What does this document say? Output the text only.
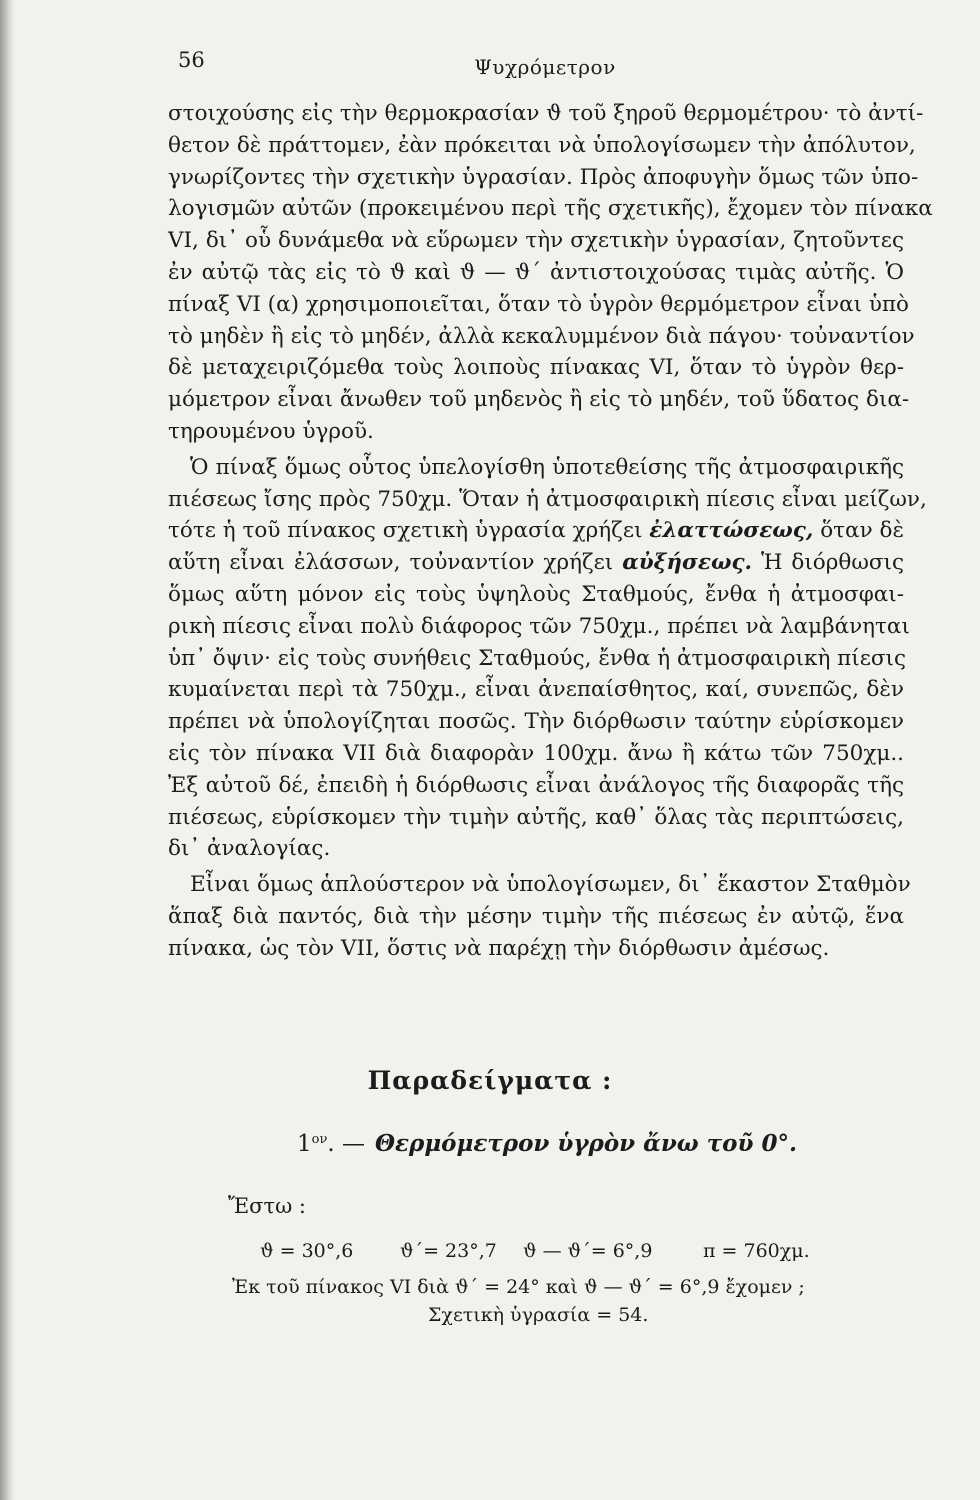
56	Ψυχρόμετρον
στοιχούσης εἰς τὴν θερμοκρασίαν ϑ τοῦ ξηροῦ θερμομέτρου· τὸ ἀντί-
θετον δὲ πράττομεν, ἐὰν πρόκειται νὰ ὑπολογίσωμεν τὴν ἀπόλυτον,
γνωρίζοντες τὴν σχετικὴν ὑγρασίαν. Πρὸς ἀποφυγὴν ὅμως τῶν ὑπο-
λογισμῶν αὐτῶν (προκειμένου περὶ τῆς σχετικῆς), ἔχομεν τὸν πίνακα
VI, δι᾽ οὗ δυνάμεθα νὰ εὕρωμεν τὴν σχετικὴν ὑγρασίαν, ζητοῦντες
ἐν αὐτῷ τὰς εἰς τὸ ϑ καὶ ϑ — ϑ΄ ἀντιστοιχούσας τιμὰς αὐτῆς. Ὁ
πίναξ VI (α) χρησιμοποιεῖται, ὅταν τὸ ὑγρὸν θερμόμετρον εἶναι ὑπὸ
τὸ μηδὲν ἢ εἰς τὸ μηδέν, ἀλλὰ κεκαλυμμένον διὰ πάγου· τοὐναντίον
δὲ μεταχειριζόμεθα τοὺς λοιποὺς πίνακας VI, ὅταν τὸ ὑγρὸν θερ-
μόμετρον εἶναι ἄνωθεν τοῦ μηδενὸς ἢ εἰς τὸ μηδέν, τοῦ ὕδατος δια-
τηρουμένου ὑγροῦ.
Ὁ πίναξ ὅμως οὗτος ὑπελογίσθη ὑποτεθείσης τῆς ἀτμοσφαιρικῆς
πιέσεως ἴσης πρὸς 750χμ. Ὅταν ἡ ἀτμοσφαιρικὴ πίεσις εἶναι μείζων,
τότε ἡ τοῦ πίνακος σχετικὴ ὑγρασία χρήζει ἐλαττώσεως, ὅταν δὲ
αὕτη εἶναι ἐλάσσων, τοὐναντίον χρήζει αὐξήσεως. Ἡ διόρθωσις
ὅμως αὕτη μόνον εἰς τοὺς ὑψηλοὺς Σταθμούς, ἔνθα ἡ ἀτμοσφαι-
ρικὴ πίεσις εἶναι πολὺ διάφορος τῶν 750χμ., πρέπει νὰ λαμβάνηται
ὑπ᾽ ὄψιν· εἰς τοὺς συνήθεις Σταθμούς, ἔνθα ἡ ἀτμοσφαιρικὴ πίεσις
κυμαίνεται περὶ τὰ 750χμ., εἶναι ἀνεπαίσθητος, καί, συνεπῶς, δὲν
πρέπει νὰ ὑπολογίζηται ποσῶς. Τὴν διόρθωσιν ταύτην εὑρίσκομεν
εἰς τὸν πίνακα VII διὰ διαφορὰν 100χμ. ἄνω ἢ κάτω τῶν 750χμ..
Ἐξ αὐτοῦ δέ, ἐπειδὴ ἡ διόρθωσις εἶναι ἀνάλογος τῆς διαφορᾶς τῆς
πιέσεως, εὑρίσκομεν τὴν τιμὴν αὐτῆς, καθ᾽ ὅλας τὰς περιπτώσεις,
δι᾽ ἀναλογίας.
Εἶναι ὅμως ἁπλούστερον νὰ ὑπολογίσωμεν, δι᾽ ἕκαστον Σταθμὸν
ἅπαξ διὰ παντός, διὰ τὴν μέσην τιμὴν τῆς πιέσεως ἐν αὐτῷ, ἕνα
πίνακα, ὡς τὸν VII, ὅστις νὰ παρέχῃ τὴν διόρθωσιν ἀμέσως.
Παραδείγματα :
$1^{o\nu}$. — Θερμόμετρον ὑγρὸν ἄνω τοῦ 0°.
Ἔστω :
ϑ = 30°,6 ϑ΄= 23°,7 ϑ — ϑ΄= 6°,9	π = 760χμ.
Ἐκ τοῦ πίνακος VI διὰ ϑ΄ = 24° καὶ ϑ — ϑ΄ = 6°,9 ἔχομεν ;
Σχετικὴ ὑγρασία = 54.
